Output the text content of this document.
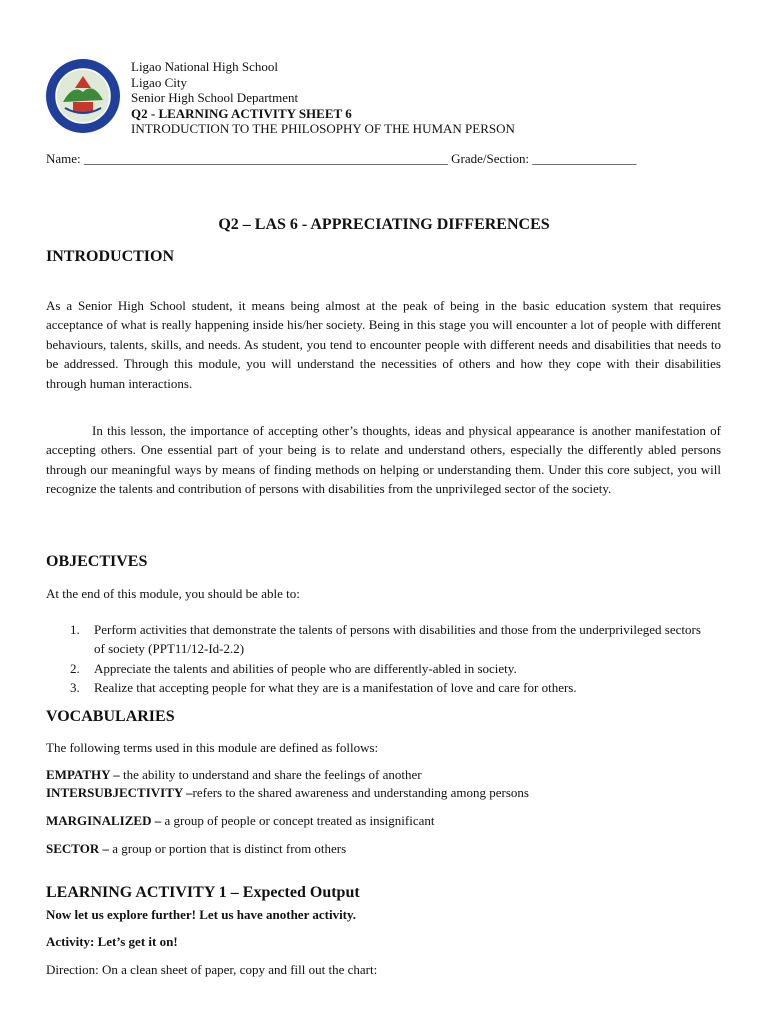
Ligao National High School
Ligao City
Senior High School Department
Q2 - LEARNING ACTIVITY SHEET 6
INTRODUCTION TO THE PHILOSOPHY OF THE HUMAN PERSON
Name: ________________________________________________________ Grade/Section: ________________
Q2 – LAS 6 - APPRECIATING DIFFERENCES
INTRODUCTION

As a Senior High School student, it means being almost at the peak of being in the basic education system that requires acceptance of what is really happening inside his/her society. Being in this stage you will encounter a lot of people with different behaviours, talents, skills, and needs. As student, you tend to encounter people with different needs and disabilities that needs to be addressed. Through this module, you will understand the necessities of others and how they cope with their disabilities through human interactions.

In this lesson, the importance of accepting other’s thoughts, ideas and physical appearance is another manifestation of accepting others. One essential part of your being is to relate and understand others, especially the differently abled persons through our meaningful ways by means of finding methods on helping or understanding them. Under this core subject, you will recognize the talents and contribution of persons with disabilities from the unprivileged sector of the society.

OBJECTIVES
At the end of this module, you should be able to:
1.	Perform activities that demonstrate the talents of persons with disabilities and those from the underprivileged sectors of society (PPT11/12-Id-2.2)
2.	Appreciate the talents and abilities of people who are differently-abled in society.
3.	Realize that accepting people for what they are is a manifestation of love and care for others.
VOCABULARIES
The following terms used in this module are defined as follows:
EMPATHY – the ability to understand and share the feelings of another
INTERSUBJECTIVITY –refers to the shared awareness and understanding among persons
MARGINALIZED – a group of people or concept treated as insignificant
SECTOR – a group or portion that is distinct from others
LEARNING ACTIVITY 1 – Expected Output
Now let us explore further! Let us have another activity.
Activity: Let’s get it on!
Direction: On a clean sheet of paper, copy and fill out the chart:
